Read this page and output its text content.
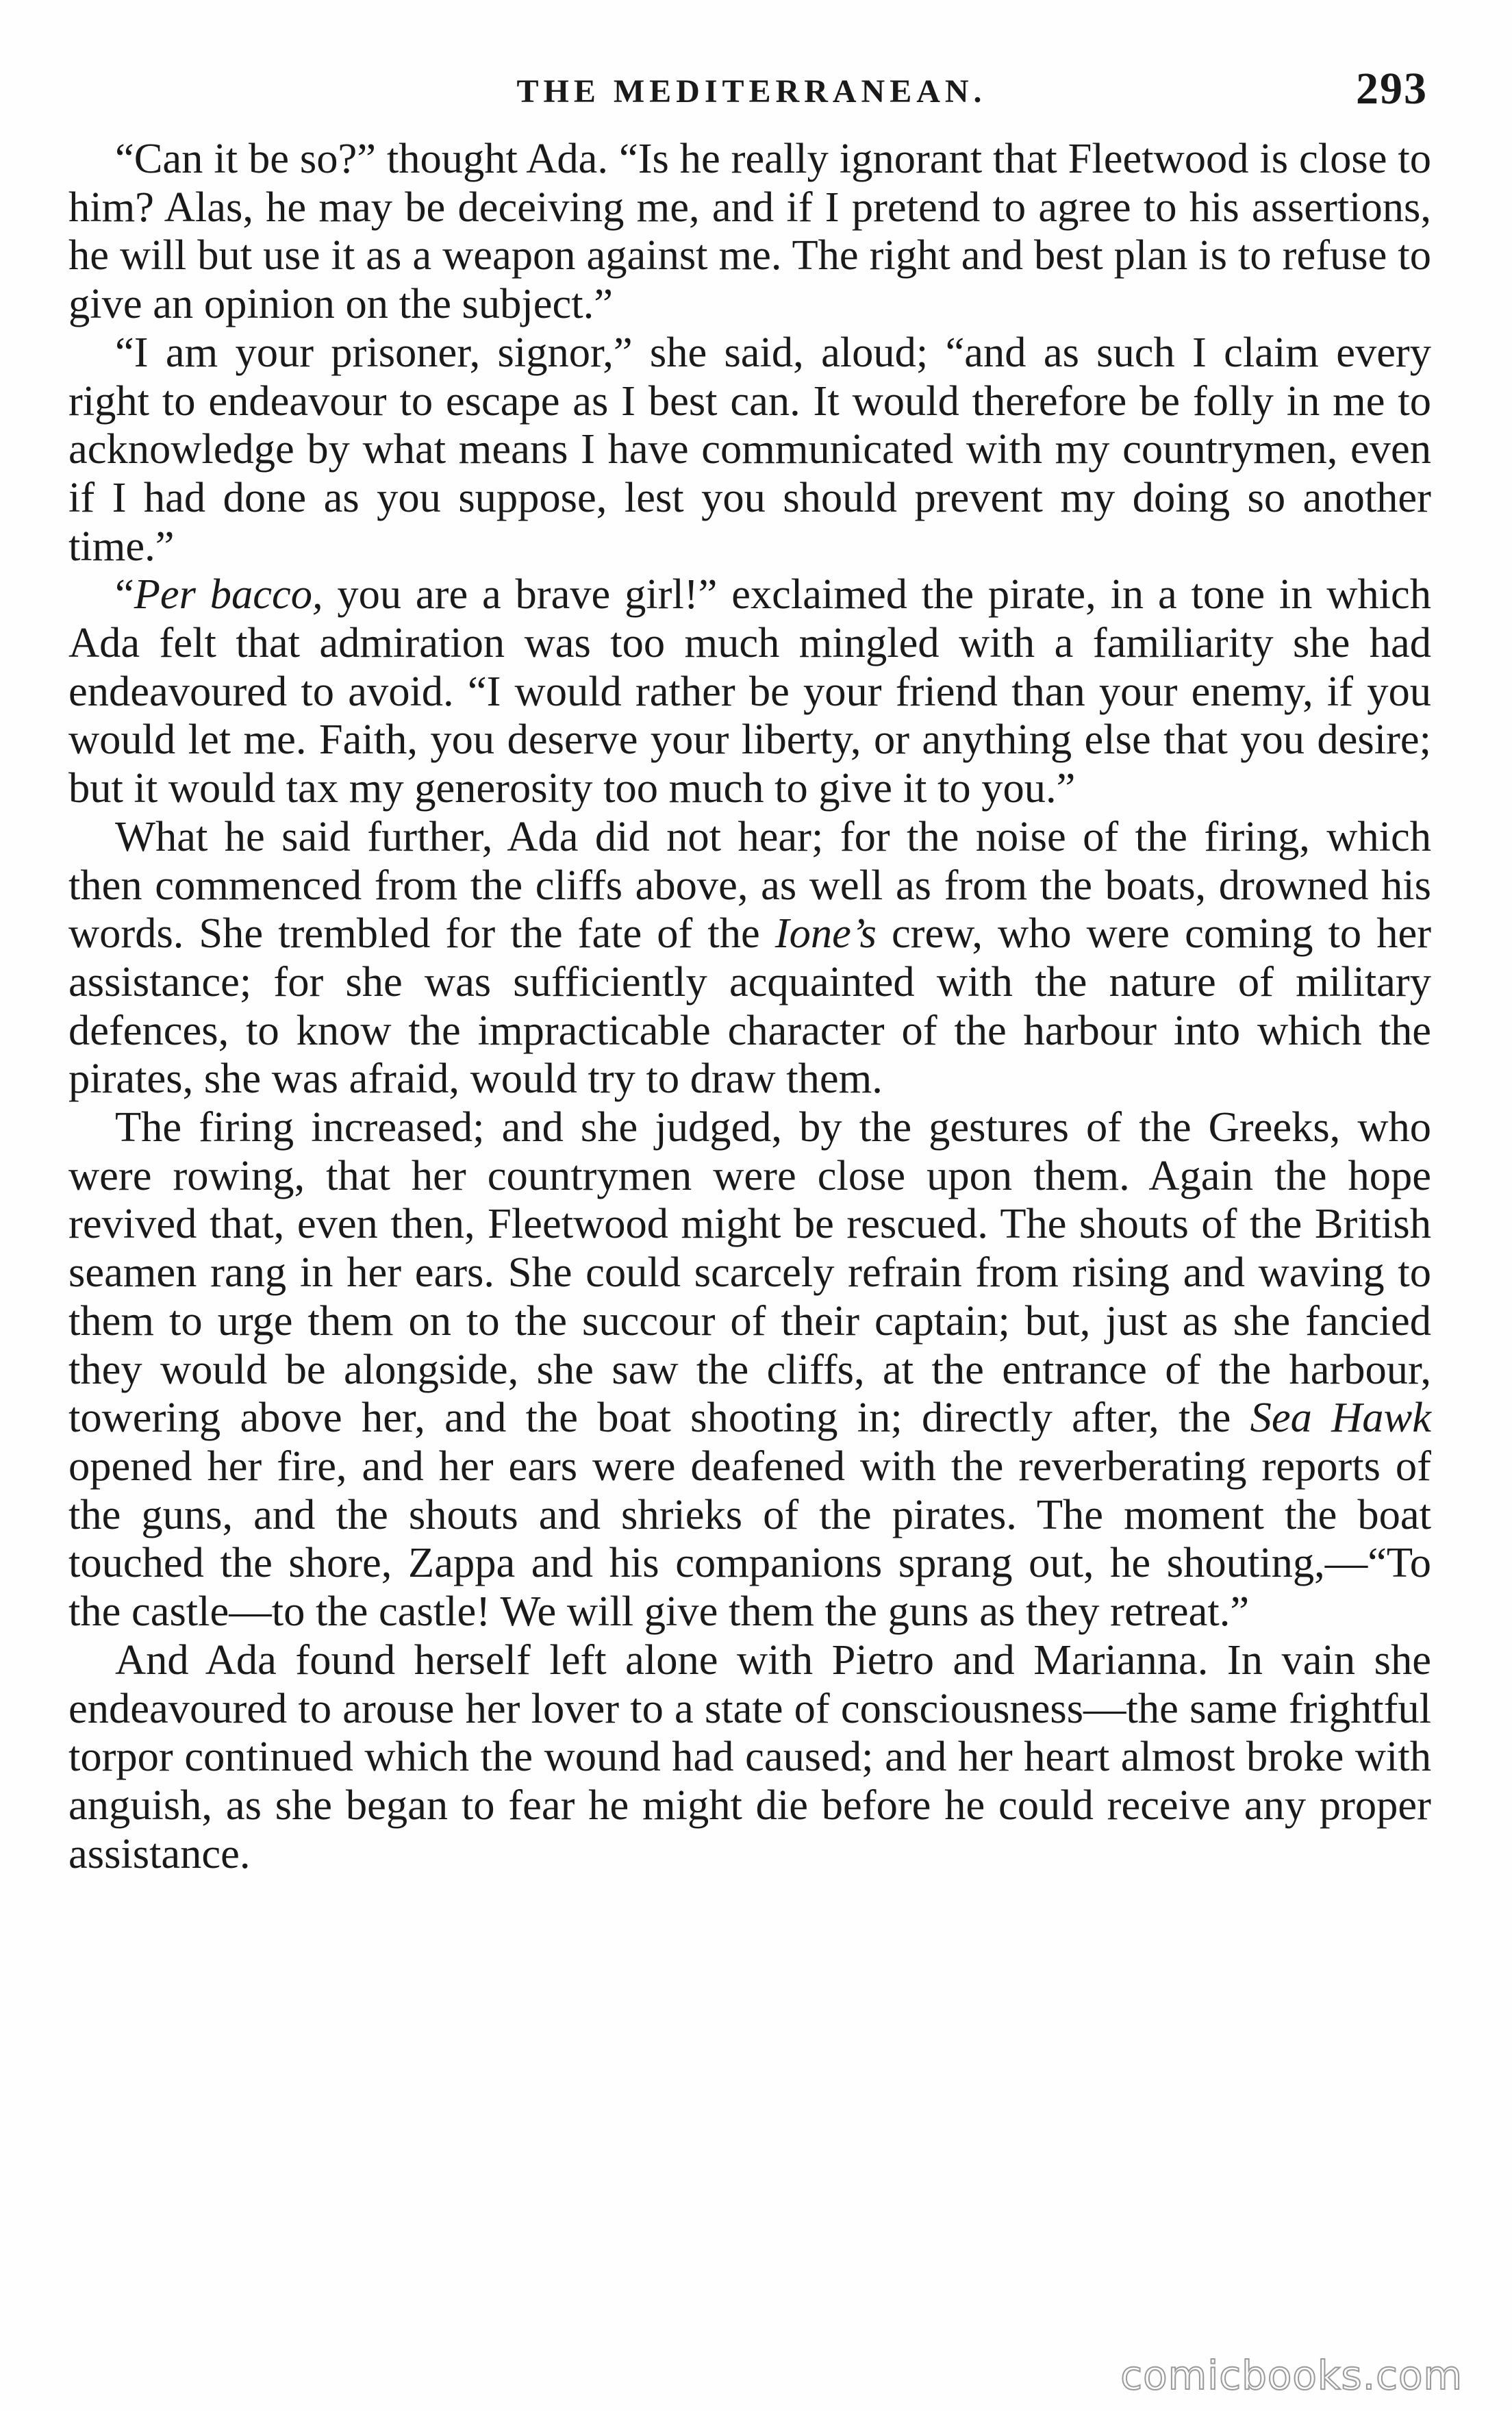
THE MEDITERRANEAN.	293

“Can it be so?” thought Ada. “Is he really ignorant that Fleetwood is close to him? Alas, he may be deceiving me, and if I pretend to agree to his assertions, he will but use it as a weapon against me. The right and best plan is to refuse to give an opinion on the subject.”

“I am your prisoner, signor,” she said, aloud; “and as such I claim every right to endeavour to escape as I best can. It would therefore be folly in me to acknowledge by what means I have communicated with my countrymen, even if I had done as you suppose, lest you should prevent my doing so another time.”

“Per bacco, you are a brave girl!” exclaimed the pirate, in a tone in which Ada felt that admiration was too much mingled with a familiarity she had endeavoured to avoid. “I would rather be your friend than your enemy, if you would let me. Faith, you deserve your liberty, or anything else that you desire; but it would tax my generosity too much to give it to you.”

What he said further, Ada did not hear; for the noise of the firing, which then commenced from the cliffs above, as well as from the boats, drowned his words. She trembled for the fate of the Ione’s crew, who were coming to her assistance; for she was sufficiently acquainted with the nature of military defences, to know the impracticable character of the harbour into which the pirates, she was afraid, would try to draw them.

The firing increased; and she judged, by the gestures of the Greeks, who were rowing, that her countrymen were close upon them. Again the hope revived that, even then, Fleetwood might be rescued. The shouts of the British seamen rang in her ears. She could scarcely refrain from rising and waving to them to urge them on to the succour of their captain; but, just as she fancied they would be alongside, she saw the cliffs, at the entrance of the harbour, towering above her, and the boat shooting in; directly after, the Sea Hawk opened her fire, and her ears were deafened with the reverberating reports of the guns, and the shouts and shrieks of the pirates. The moment the boat touched the shore, Zappa and his companions sprang out, he shouting,—“To the castle—to the castle! We will give them the guns as they retreat.”

And Ada found herself left alone with Pietro and Marianna. In vain she endeavoured to arouse her lover to a state of consciousness—the same frightful torpor continued which the wound had caused; and her heart almost broke with anguish, as she began to fear he might die before he could receive any proper assistance.

comicbooks.com
